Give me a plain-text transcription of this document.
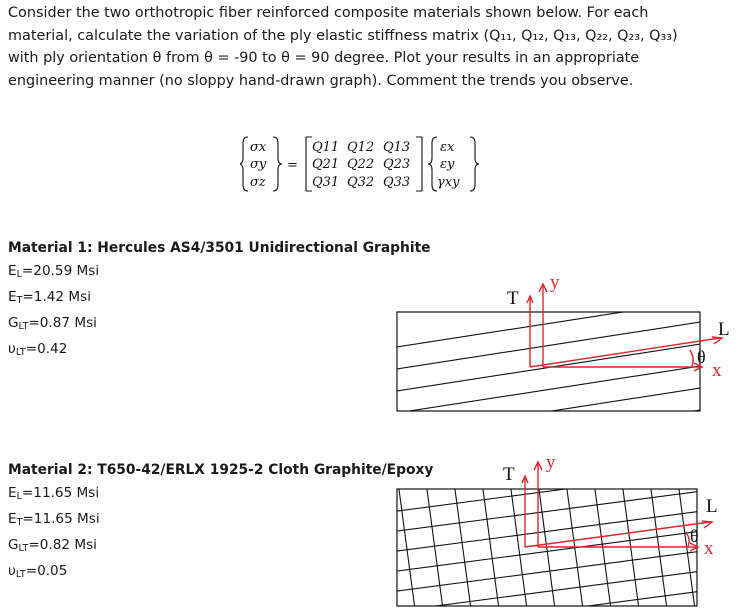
Consider the two orthotropic fiber reinforced composite materials shown below. For each

material, calculate the variation of the ply elastic stiffness matrix (Q₁₁, Q₁₂, Q₁₃, Q₂₂, Q₂₃, Q₃₃)

with ply orientation θ from θ = -90 to θ = 90 degree. Plot your results in an appropriate

engineering manner (no sloppy hand-drawn graph). Comment the trends you observe.

σx
σy
σz
=
Q11 Q12 Q13
Q21 Q22 Q23
Q31 Q32 Q33
εx
εy
γxy
Material 1: Hercules AS4/3501 Unidirectional Graphite
$E_L=20.59$ Msi
$E_T=1.42$ Msi
$G_{LT}=0.87$ Msi
$\upsilon_{LT}=0.42$
T
y
L
θ
x
Material 2: T650-42/ERLX 1925-2 Cloth Graphite/Epoxy
$E_L=11.65$ Msi
$E_T=11.65$ Msi
$G_{LT}=0.82$ Msi
$\upsilon_{LT}=0.05$
T
y
L
θ
x
